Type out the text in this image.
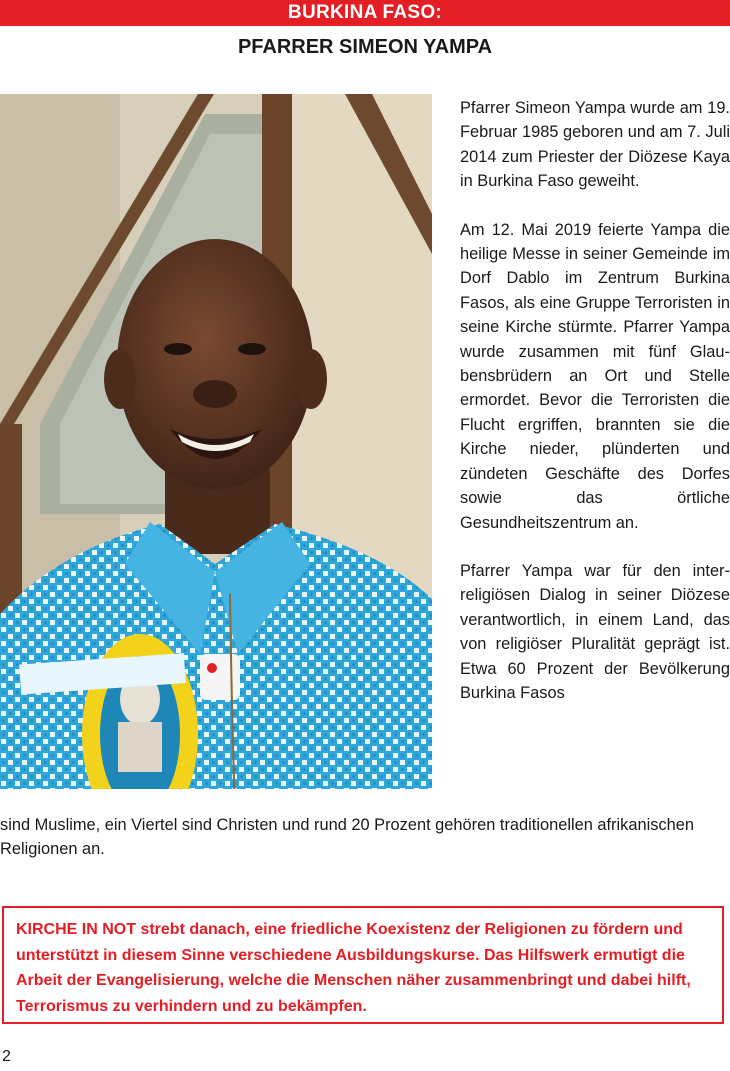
BURKINA FASO:
PFARRER SIMEON YAMPA

Pfarrer Simeon Yampa wurde am 19. Februar 1985 geboren und am 7. Juli 2014 zum Priester der Diözese Kaya in Burkina Faso geweiht.

Am 12. Mai 2019 feierte Yampa die heilige Messe in seiner Gemeinde im Dorf Dablo im Zentrum Burkina Fasos, als eine Gruppe Terroristen in seine Kirche stürmte. Pfarrer Yampa wurde zusammen mit fünf Glaubensbrüdern an Ort und Stelle ermordet. Bevor die Terroristen die Flucht ergriffen, brannten sie die Kirche nieder, plünderten und zündeten Geschäfte des Dorfes sowie das örtliche Gesundheitszentrum an.

Pfarrer Yampa war für den interreligiösen Dialog in seiner Diözese verantwortlich, in einem Land, das von religiöser Pluralität geprägt ist. Etwa 60 Prozent der Bevölkerung Burkina Fasos

sind Muslime, ein Viertel sind Christen und rund 20 Prozent gehören traditionellen afrikanischen Religionen an.
KIRCHE IN NOT strebt danach, eine friedliche Koexistenz der Religionen zu fördern und unterstützt in diesem Sinne verschiedene Ausbildungskurse. Das Hilfswerk ermutigt die Arbeit der Evangelisierung, welche die Menschen näher zusammenbringt und dabei hilft, Terrorismus zu verhindern und zu bekämpfen.
2
